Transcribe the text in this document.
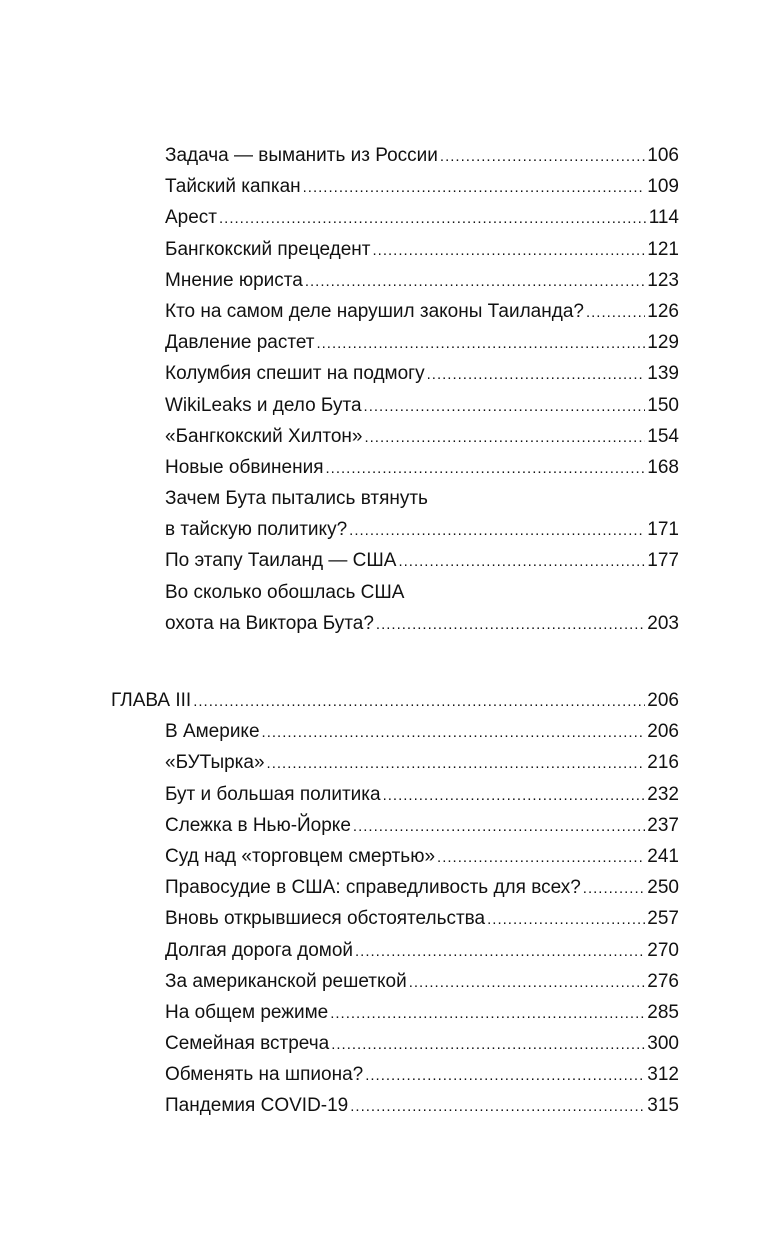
Задача — выманить из России .....	106
Тайский капкан .....	109
Арест .....	114
Бангкокский прецедент .....	121
Мнение юриста .....	123
Кто на самом деле нарушил законы Таиланда? .....	126
Давление растет .....	129
Колумбия спешит на подмогу .....	139
WikiLeaks и дело Бута .....	150
«Бангкокский Хилтон» .....	154
Новые обвинения .....	168
Зачем Бута пытались втянуть
в тайскую политику? .....	171
По этапу Таиланд — США .....	177
Во сколько обошлась США
охота на Виктора Бута? .....	203
ГЛАВА III .....	206
В Америке .....	206
«БУТырка» .....	216
Бут и большая политика .....	232
Слежка в Нью-Йорке .....	237
Суд над «торговцем смертью» .....	241
Правосудие в США: справедливость для всех? .....	250
Вновь открывшиеся обстоятельства .....	257
Долгая дорога домой .....	270
За американской решеткой .....	276
На общем режиме .....	285
Семейная встреча .....	300
Обменять на шпиона? .....	312
Пандемия COVID-19 .....	315
